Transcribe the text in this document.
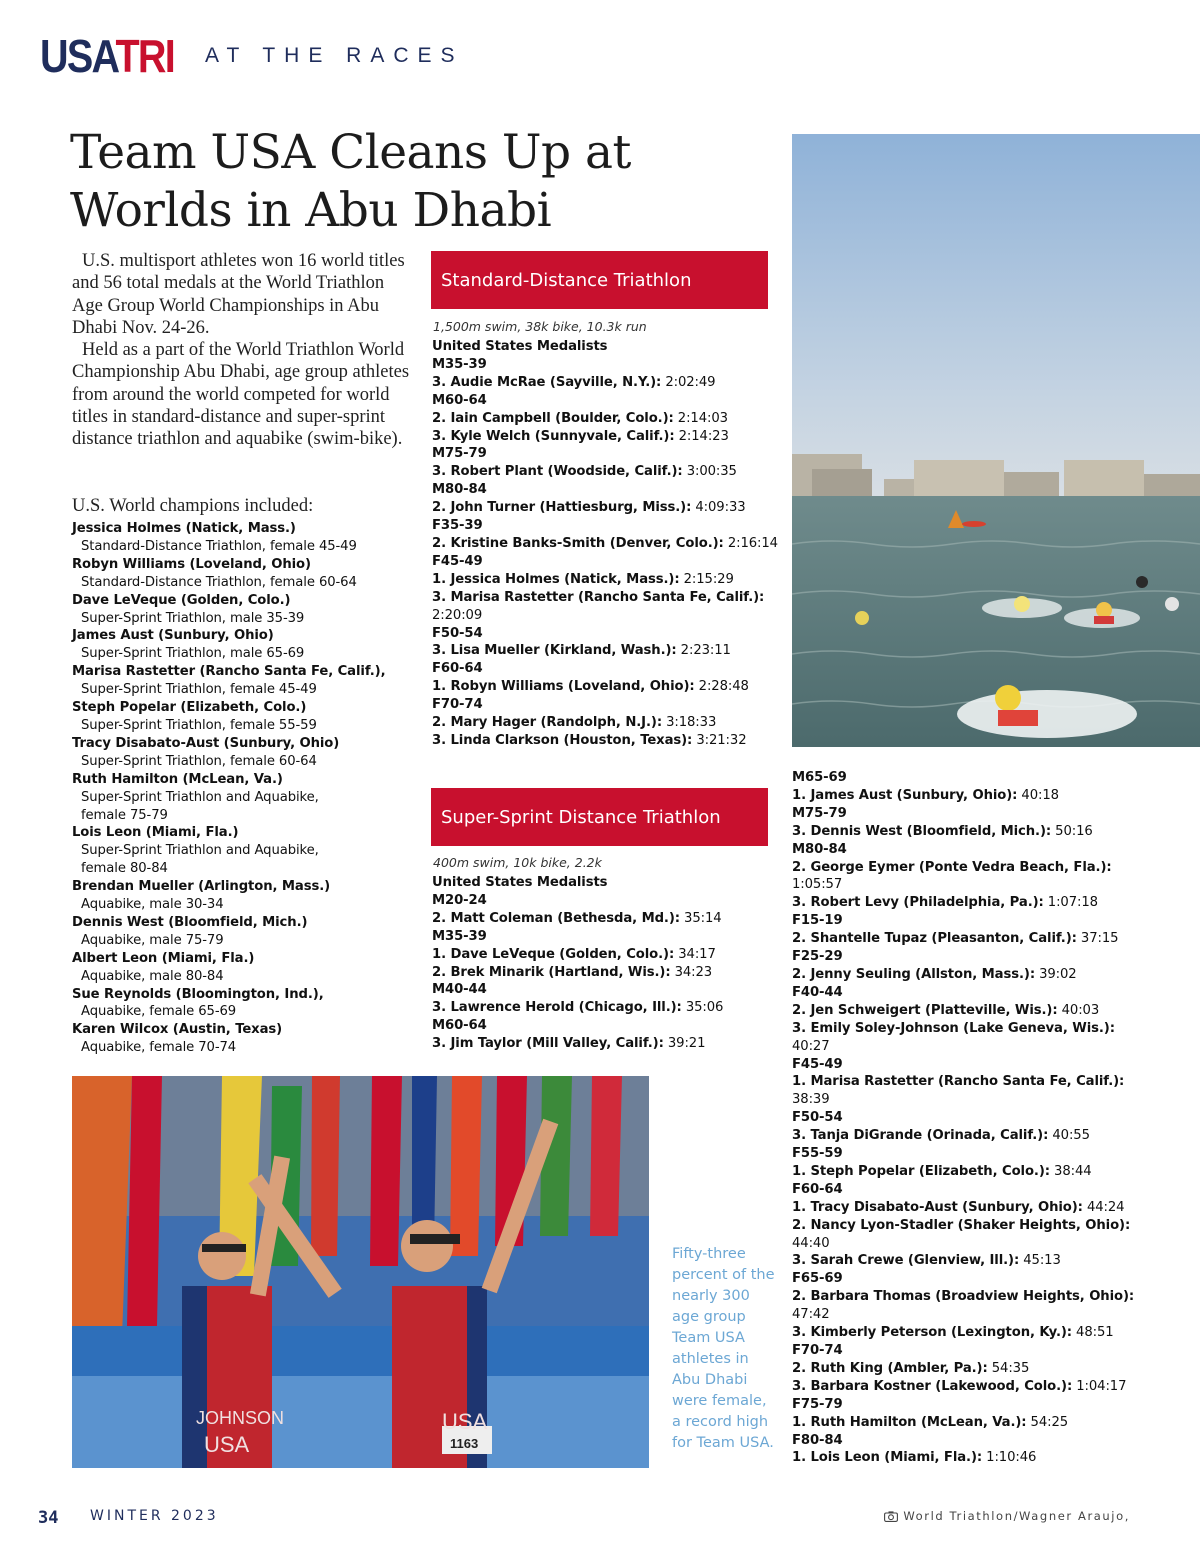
USATRI AT THE RACES
Team USA Cleans Up at Worlds in Abu Dhabi

U.S. multisport athletes won 16 world titles and 56 total medals at the World Triathlon Age Group World Championships in Abu Dhabi Nov. 24-26.

Held as a part of the World Triathlon World Championship Abu Dhabi, age group athletes from around the world competed for world titles in standard-distance and super-sprint distance triathlon and aquabike (swim-bike).

U.S. World champions included:
Jessica Holmes (Natick, Mass.)
Standard-Distance Triathlon, female 45-49
Robyn Williams (Loveland, Ohio)
Standard-Distance Triathlon, female 60-64
Dave LeVeque (Golden, Colo.)
Super-Sprint Triathlon, male 35-39
James Aust (Sunbury, Ohio)
Super-Sprint Triathlon, male 65-69
Marisa Rastetter (Rancho Santa Fe, Calif.),
Super-Sprint Triathlon, female 45-49
Steph Popelar (Elizabeth, Colo.)
Super-Sprint Triathlon, female 55-59
Tracy Disabato-Aust (Sunbury, Ohio)
Super-Sprint Triathlon, female 60-64
Ruth Hamilton (McLean, Va.)
Super-Sprint Triathlon and Aquabike,
female 75-79
Lois Leon (Miami, Fla.)
Super-Sprint Triathlon and Aquabike,
female 80-84
Brendan Mueller (Arlington, Mass.)
Aquabike, male 30-34
Dennis West (Bloomfield, Mich.)
Aquabike, male 75-79
Albert Leon (Miami, Fla.)
Aquabike, male 80-84
Sue Reynolds (Bloomington, Ind.),
Aquabike, female 65-69
Karen Wilcox (Austin, Texas)
Aquabike, female 70-74
Standard-Distance Triathlon
1,500m swim, 38k bike, 10.3k run
United States Medalists
M35-39
3. Audie McRae (Sayville, N.Y.): 2:02:49
M60-64
2. Iain Campbell (Boulder, Colo.): 2:14:03
3. Kyle Welch (Sunnyvale, Calif.): 2:14:23
M75-79
3. Robert Plant (Woodside, Calif.): 3:00:35
M80-84
2. John Turner (Hattiesburg, Miss.): 4:09:33
F35-39
2. Kristine Banks-Smith (Denver, Colo.): 2:16:14
F45-49
1. Jessica Holmes (Natick, Mass.): 2:15:29
3. Marisa Rastetter (Rancho Santa Fe, Calif.):
2:20:09
F50-54
3. Lisa Mueller (Kirkland, Wash.): 2:23:11
F60-64
1. Robyn Williams (Loveland, Ohio): 2:28:48
F70-74
2. Mary Hager (Randolph, N.J.): 3:18:33
3. Linda Clarkson (Houston, Texas): 3:21:32
Super-Sprint Distance Triathlon
400m swim, 10k bike, 2.2k
United States Medalists
M20-24
2. Matt Coleman (Bethesda, Md.): 35:14
M35-39
1. Dave LeVeque (Golden, Colo.): 34:17
2. Brek Minarik (Hartland, Wis.): 34:23
M40-44
3. Lawrence Herold (Chicago, Ill.): 35:06
M60-64
3. Jim Taylor (Mill Valley, Calif.): 39:21
M65-69
1. James Aust (Sunbury, Ohio): 40:18
M75-79
3. Dennis West (Bloomfield, Mich.): 50:16
M80-84
2. George Eymer (Ponte Vedra Beach, Fla.):
1:05:57
3. Robert Levy (Philadelphia, Pa.): 1:07:18
F15-19
2. Shantelle Tupaz (Pleasanton, Calif.): 37:15
F25-29
2. Jenny Seuling (Allston, Mass.): 39:02
F40-44
2. Jen Schweigert (Platteville, Wis.): 40:03
3. Emily Soley-Johnson (Lake Geneva, Wis.):
40:27
F45-49
1. Marisa Rastetter (Rancho Santa Fe, Calif.):
38:39
F50-54
3. Tanja DiGrande (Orinada, Calif.): 40:55
F55-59
1. Steph Popelar (Elizabeth, Colo.): 38:44
F60-64
1. Tracy Disabato-Aust (Sunbury, Ohio): 44:24
2. Nancy Lyon-Stadler (Shaker Heights, Ohio):
44:40
3. Sarah Crewe (Glenview, Ill.): 45:13
F65-69
2. Barbara Thomas (Broadview Heights, Ohio):
47:42
3. Kimberly Peterson (Lexington, Ky.): 48:51
F70-74
2. Ruth King (Ambler, Pa.): 54:35
3. Barbara Kostner (Lakewood, Colo.): 1:04:17
F75-79
1. Ruth Hamilton (McLean, Va.): 54:25
F80-84
1. Lois Leon (Miami, Fla.): 1:10:46
JOHNSON
USA
USA
1163
Fifty-three percent of the nearly 300 age group Team USA athletes in Abu Dhabi were female, a record high for Team USA.
34 WINTER 2023	World Triathlon/Wagner Araujo,
